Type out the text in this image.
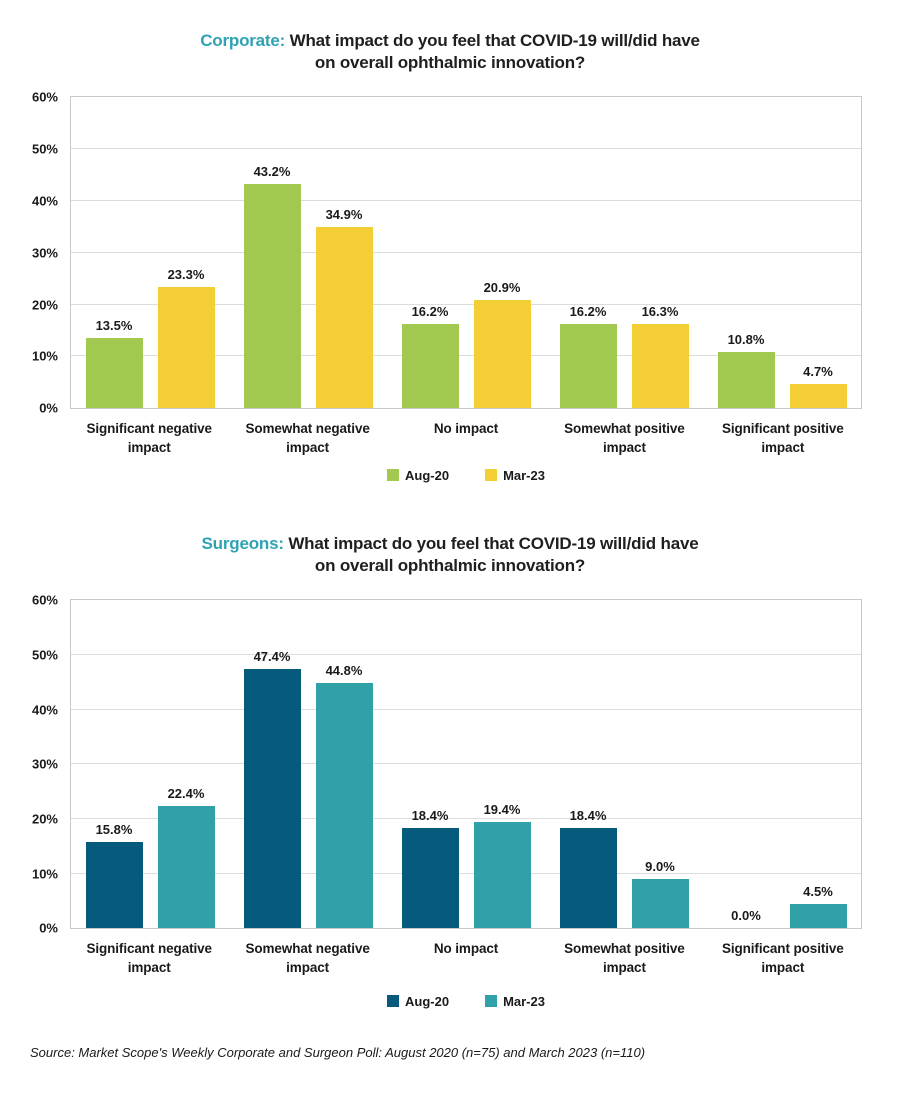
Corporate: What impact do you feel that COVID-19 will/did have
on overall ophthalmic innovation?
0%
10%
20%
30%
40%
50%
60%
13.5%
23.3%
43.2%
34.9%
16.2%
20.9%
16.2%	16.3%
10.8%
4.7%
Significant negative
impact
Somewhat negative
impact
No impact	Somewhat positive
impact
Significant positive
impact
Aug-20	Mar-23
Surgeons: What impact do you feel that COVID-19 will/did have
on overall ophthalmic innovation?
0%
10%
20%
30%
40%
50%
60%
15.8%
22.4%
47.4%
44.8%
18.4%	19.4%	18.4%
9.0%
0.0%
4.5%
Significant negative
impact
Somewhat negative
impact
No impact	Somewhat positive
impact
Significant positive
impact
Aug-20	Mar-23

Source: Market Scope's Weekly Corporate and Surgeon Poll: August 2020 (n=75) and March 2023 (n=110)
